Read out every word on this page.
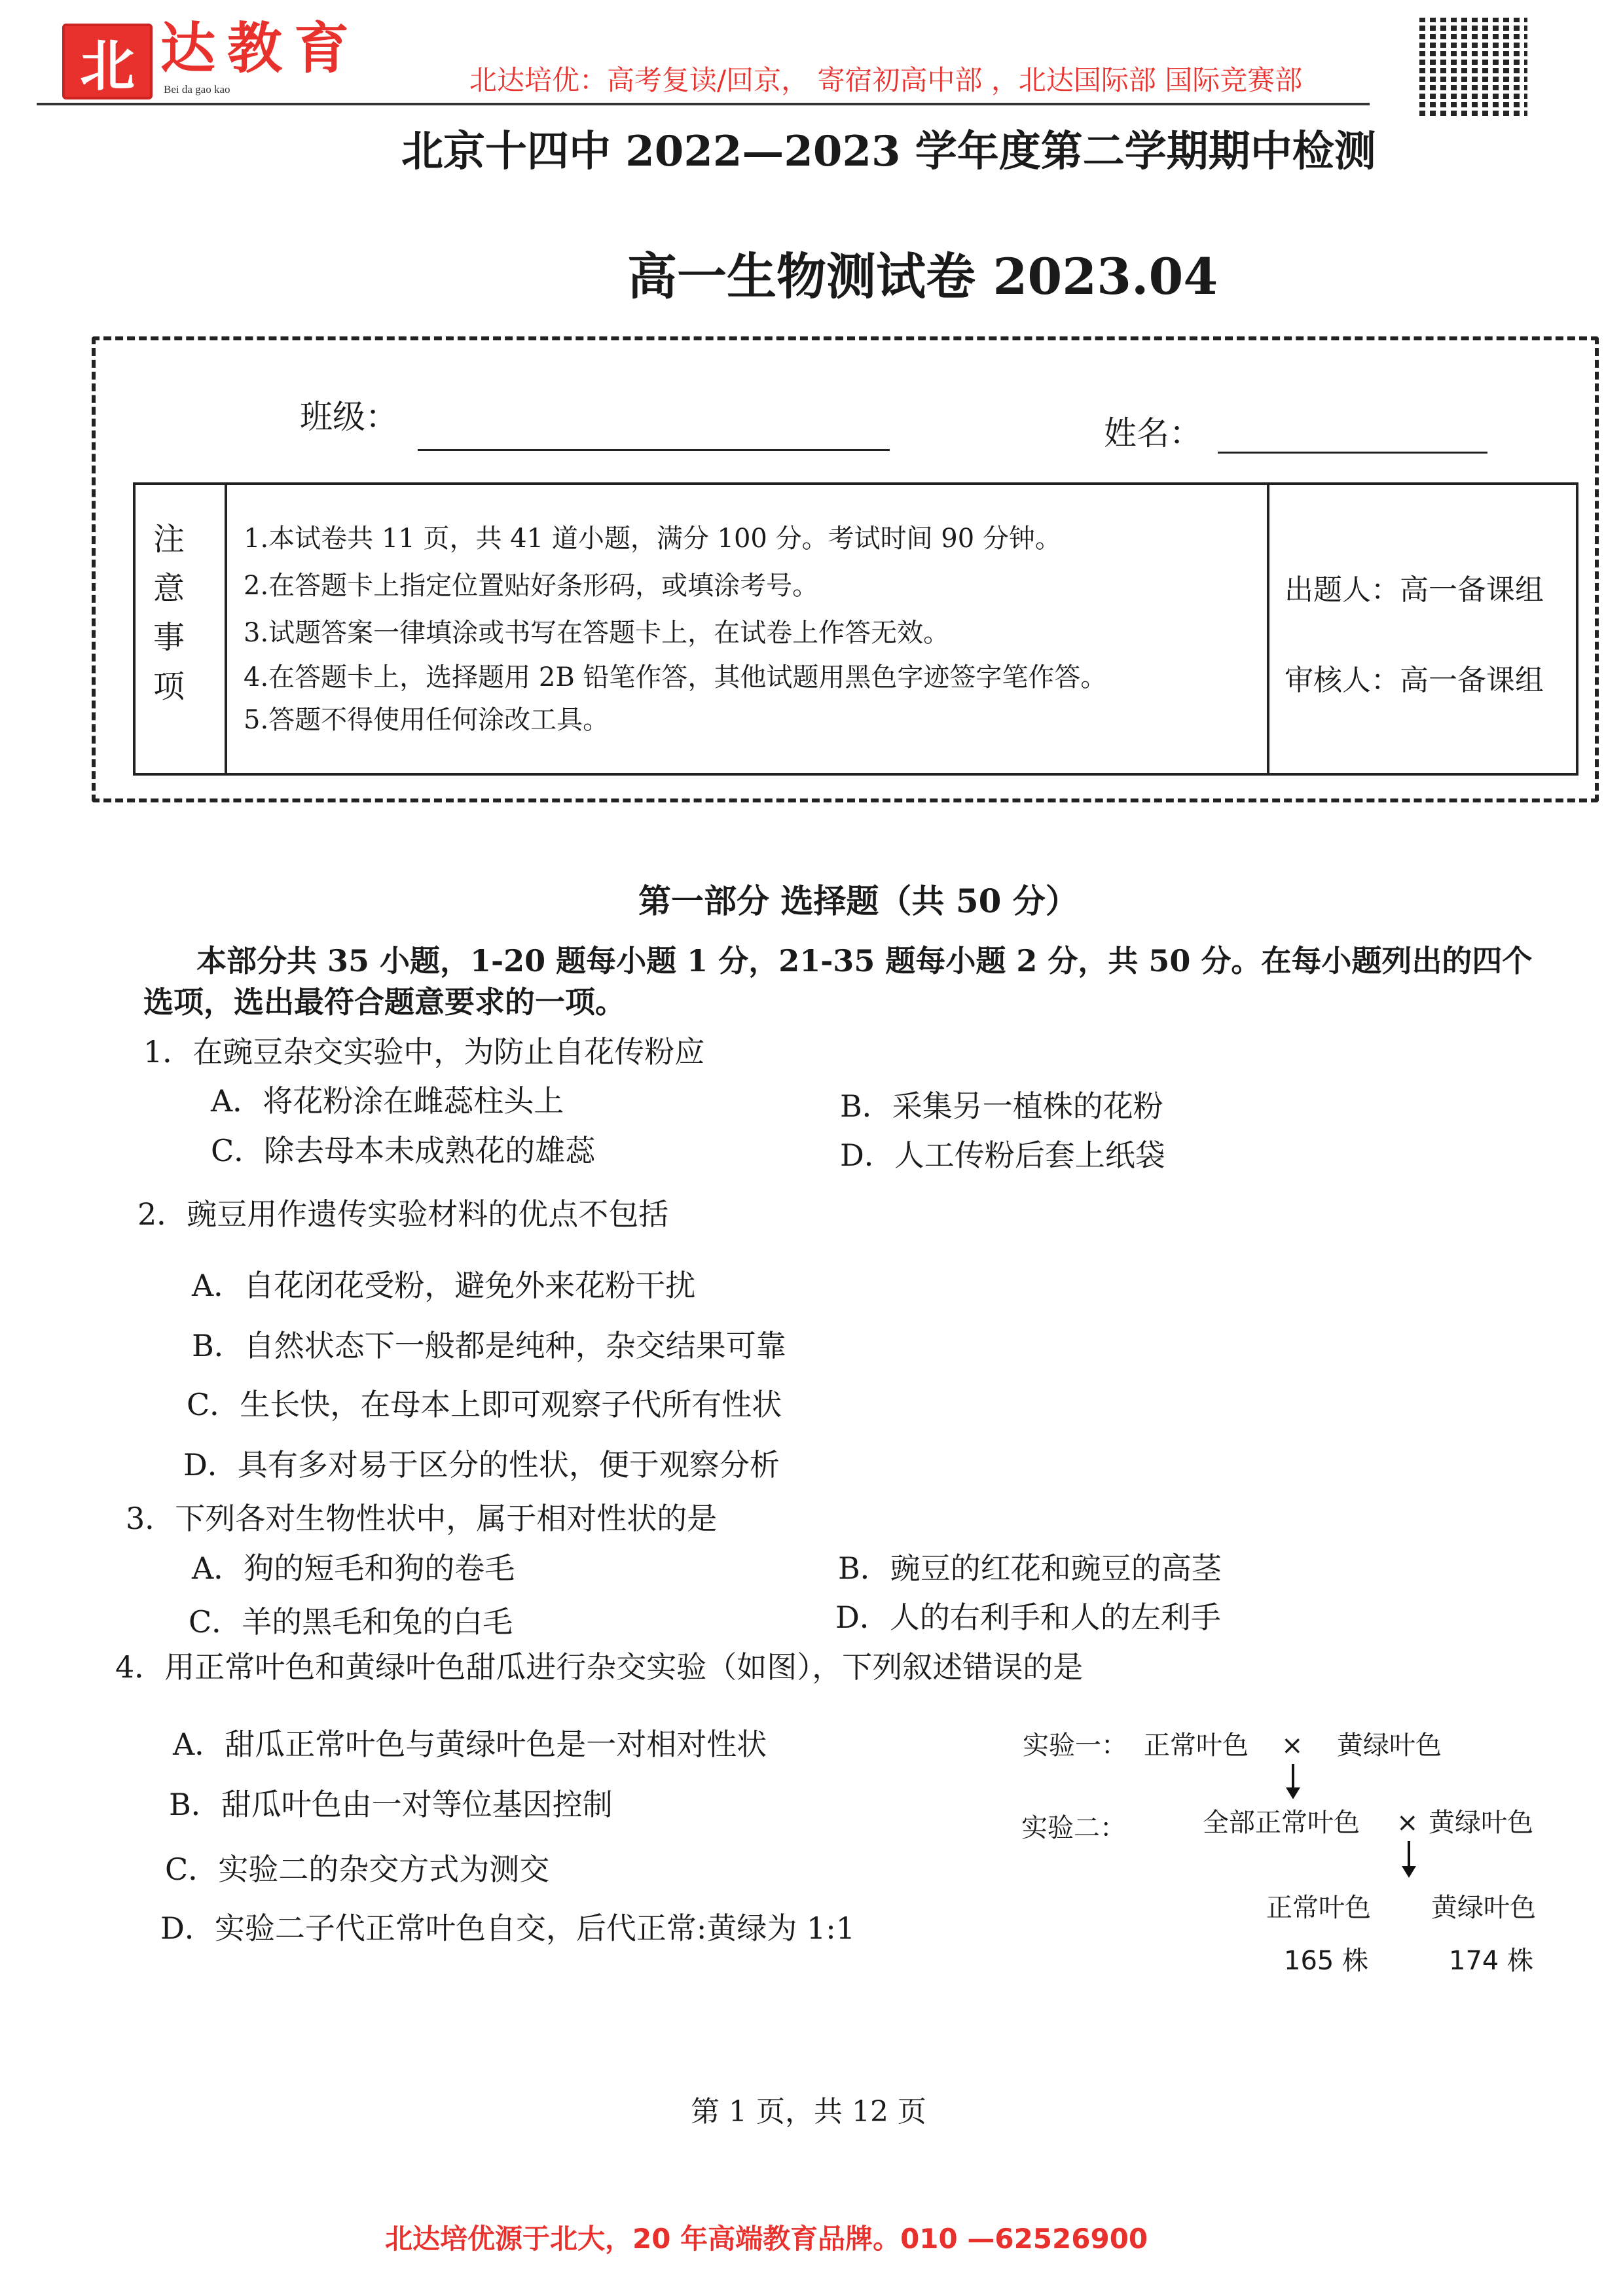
北 达教育
Bei da gao kao	北达培优：高考复读/回京， 寄宿初高中部 ，北达国际部 国际竞赛部
北京十四中 2022—2023 学年度第二学期期中检测
高一生物测试卷 2023.04
班级：	姓名：
注
意
事
项
1.本试卷共 11 页，共 41 道小题，满分 100 分。考试时间 90 分钟。
2.在答题卡上指定位置贴好条形码，或填涂考号。
3.试题答案一律填涂或书写在答题卡上，在试卷上作答无效。
4.在答题卡上，选择题用 2B 铅笔作答，其他试题用黑色字迹签字笔作答。
5.答题不得使用任何涂改工具。
出题人：高一备课组
审核人：高一备课组
第一部分 选择题（共 50 分）
本部分共 35 小题，1-20 题每小题 1 分，21-35 题每小题 2 分，共 50 分。在每小题列出的四个
选项，选出最符合题意要求的一项。
1．在豌豆杂交实验中，为防止自花传粉应
A．将花粉涂在雌蕊柱头上	B．采集另一植株的花粉
C．除去母本未成熟花的雄蕊	D．人工传粉后套上纸袋
2．豌豆用作遗传实验材料的优点不包括
A．自花闭花受粉，避免外来花粉干扰
B．自然状态下一般都是纯种，杂交结果可靠
C．生长快，在母本上即可观察子代所有性状
D．具有多对易于区分的性状，便于观察分析
3．下列各对生物性状中，属于相对性状的是
A．狗的短毛和狗的卷毛	B．豌豆的红花和豌豆的高茎
C．羊的黑毛和兔的白毛	D．人的右利手和人的左利手
4．用正常叶色和黄绿叶色甜瓜进行杂交实验（如图），下列叙述错误的是
A．甜瓜正常叶色与黄绿叶色是一对相对性状
B．甜瓜叶色由一对等位基因控制
C．实验二的杂交方式为测交
D．实验二子代正常叶色自交，后代正常:黄绿为 1:1
实验一： 正常叶色 × 黄绿叶色
实验二：	全部正常叶色 × 黄绿叶色
正常叶色 黄绿叶色
165 株	174 株
第 1 页，共 12 页
北达培优源于北大，20 年高端教育品牌。010 —62526900
